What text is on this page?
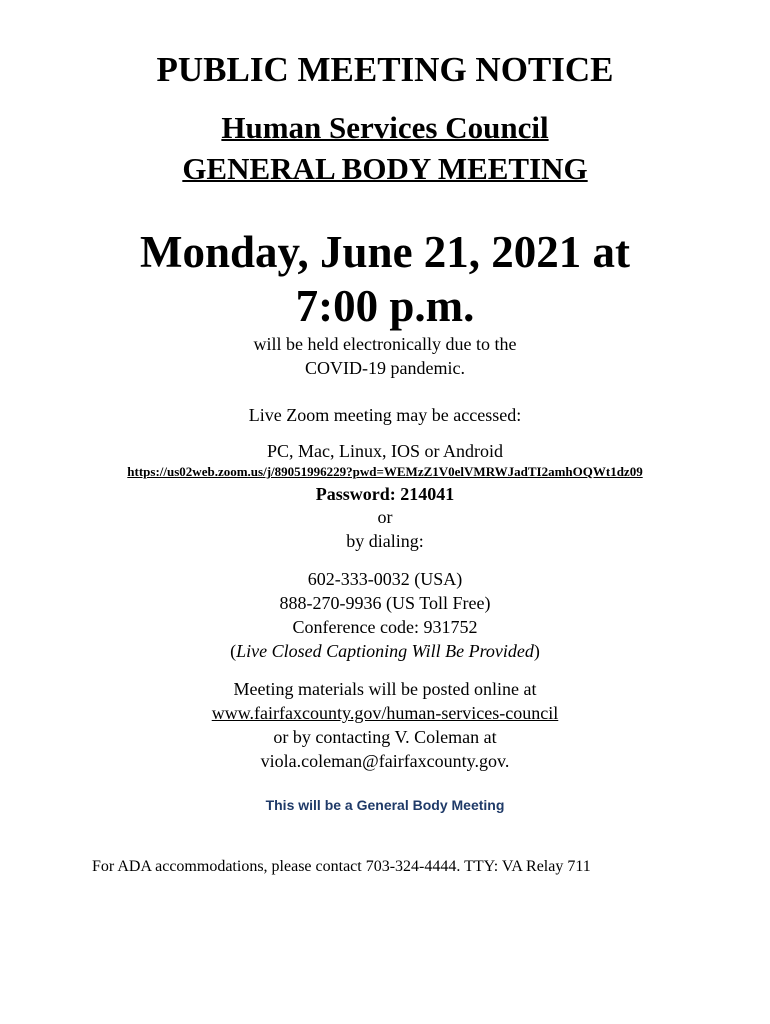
PUBLIC MEETING NOTICE
Human Services Council
GENERAL BODY MEETING
Monday, June 21, 2021 at
7:00 p.m.
will be held electronically due to the
COVID-19 pandemic.
Live Zoom meeting may be accessed:
PC, Mac, Linux, IOS or Android
https://us02web.zoom.us/j/89051996229?pwd=WEMzZ1V0elVMRWJadTI2amhOQWt1dz09
Password: 214041
or
by dialing:
602-333-0032 (USA)
888-270-9936 (US Toll Free)
Conference code: 931752
(Live Closed Captioning Will Be Provided)
Meeting materials will be posted online at
www.fairfaxcounty.gov/human-services-council
or by contacting V. Coleman at
viola.coleman@fairfaxcounty.gov.
This will be a General Body Meeting
For ADA accommodations, please contact 703-324-4444. TTY: VA Relay 711
